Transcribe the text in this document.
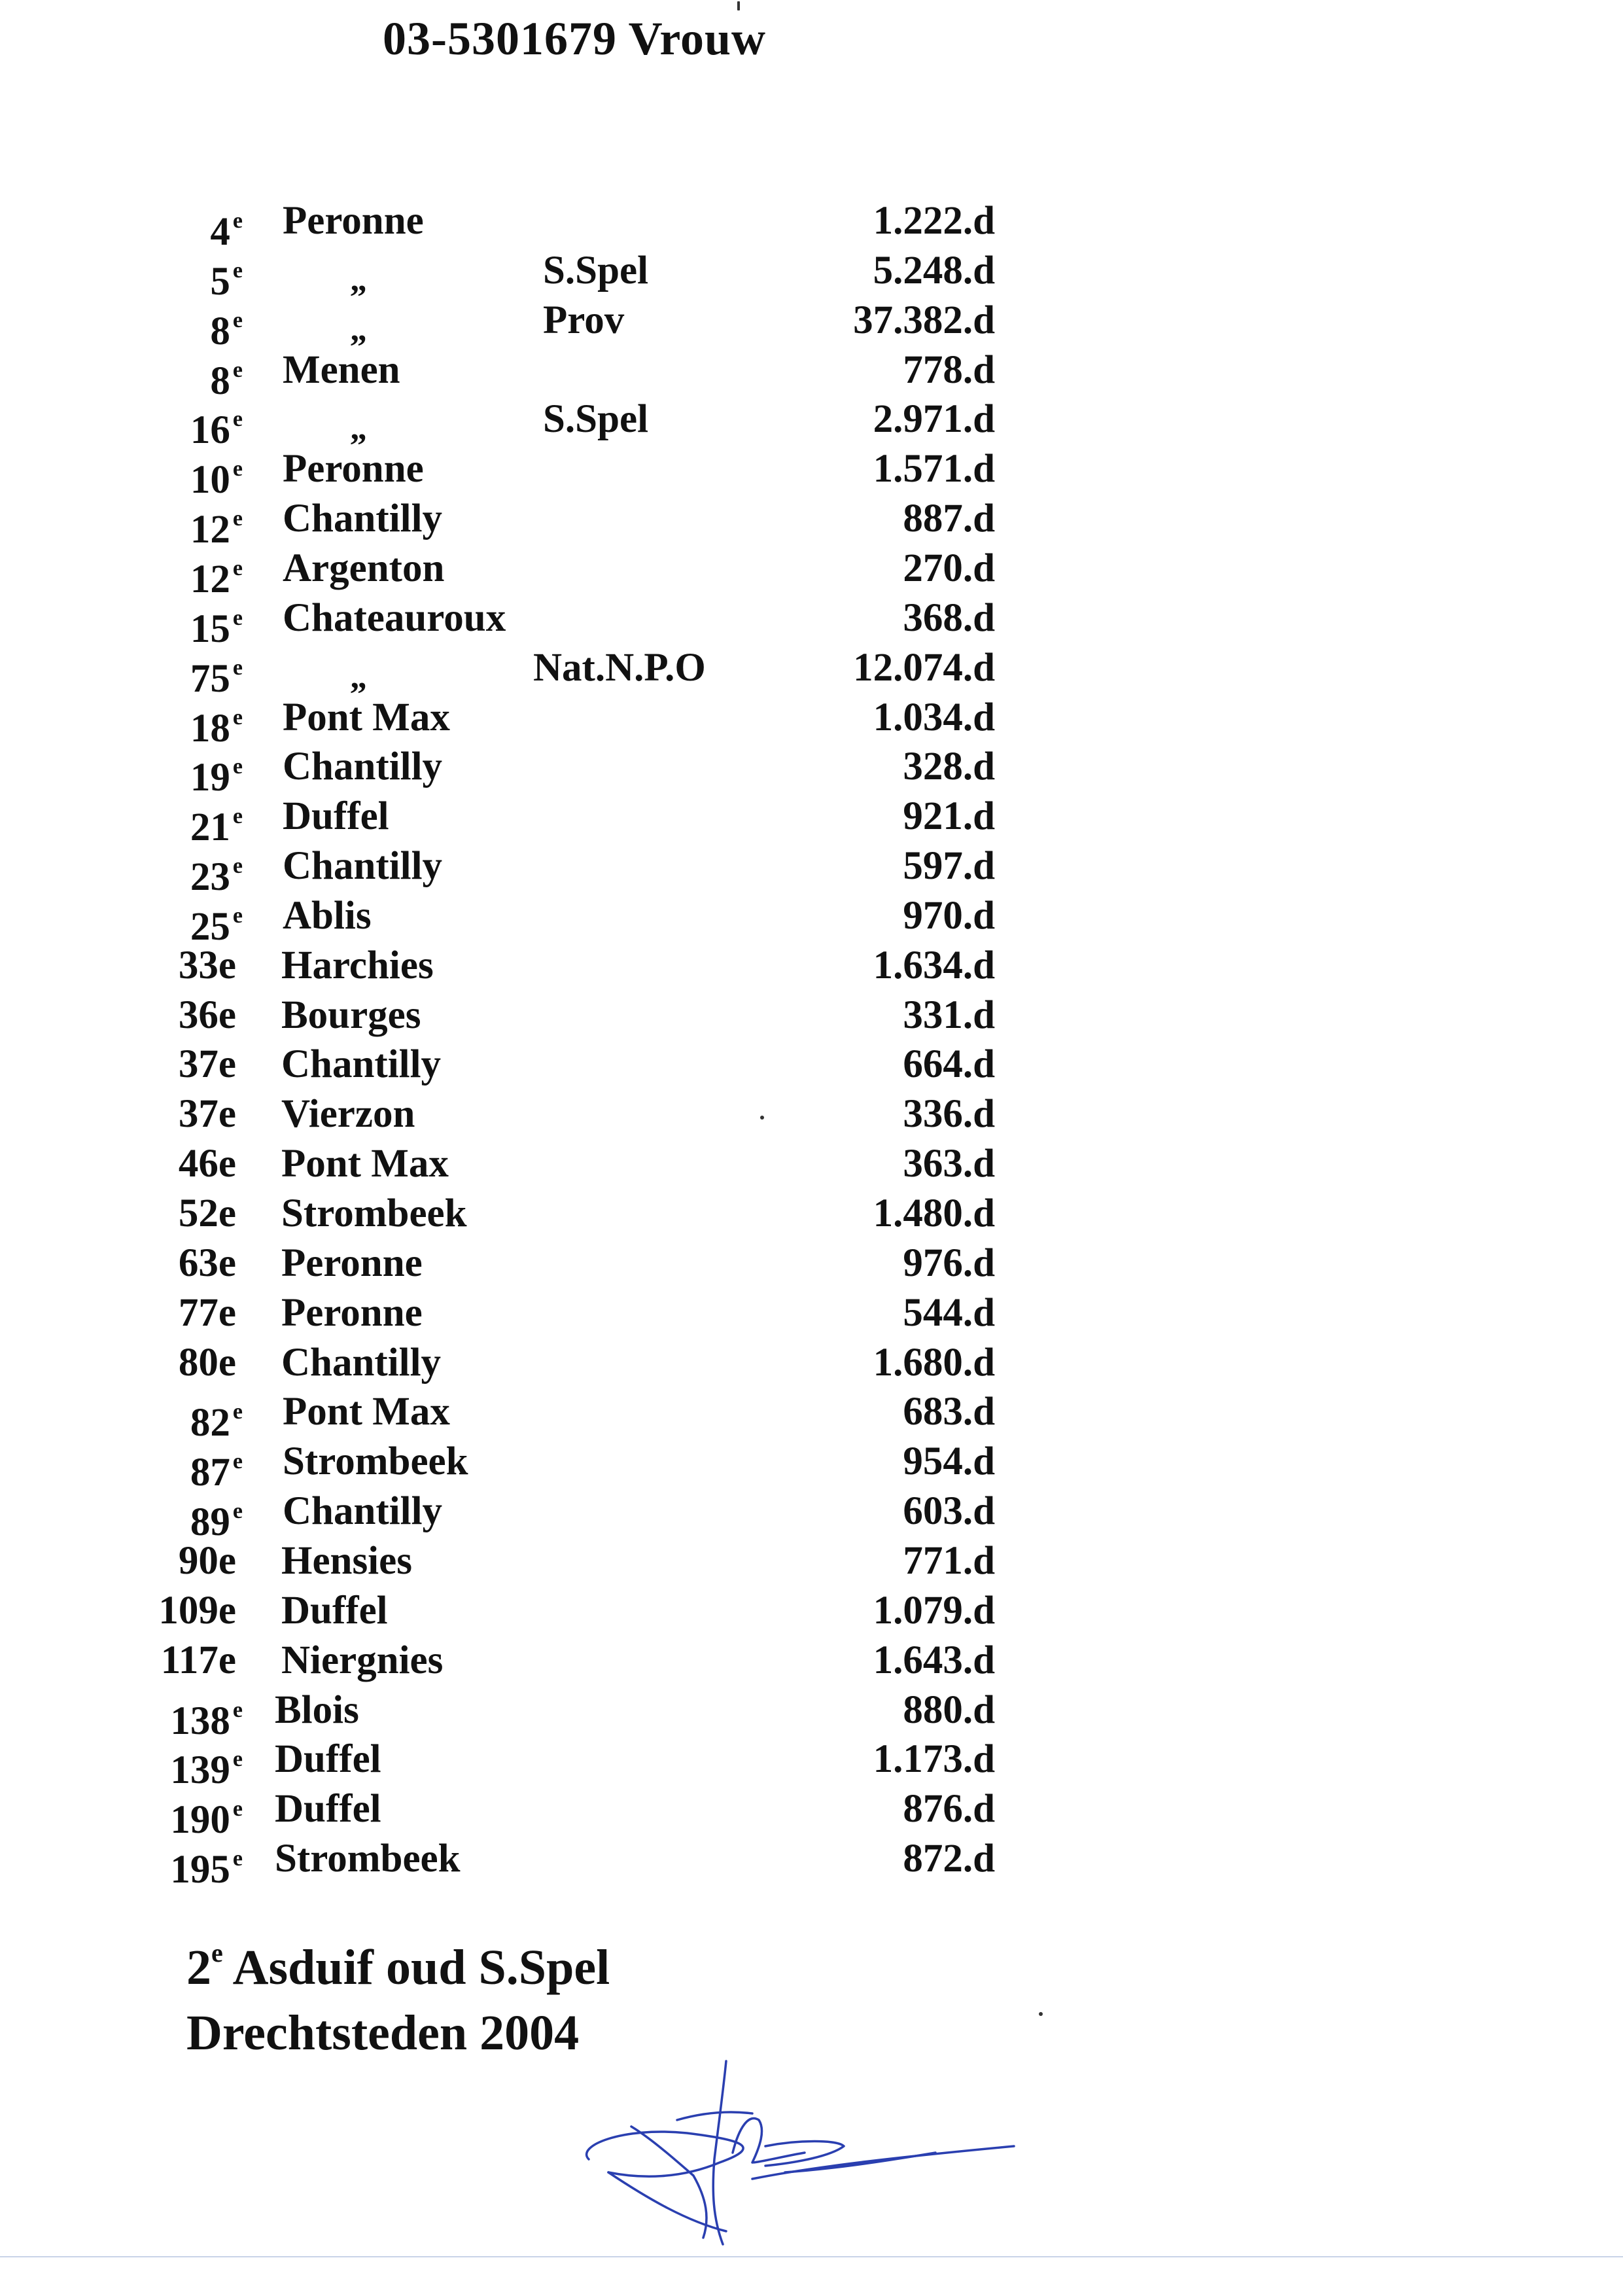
03-5301679 Vrouw
4 $^e$ Peronne	1.222.d
5 $^e$	„	S.Spel	5.248.d
8 $^e$	„	Prov	37.382.d
8 $^e$ Menen	778.d
16 $^e$	„	S.Spel	2.971.d
10 $^e$ Peronne	1.571.d
12 $^e$ Chantilly	887.d
12 $^e$ Argenton	270.d
15 $^e$ Chateauroux	368.d
75 $^e$	„	Nat.N.P.O	12.074.d
18 $^e$ Pont Max	1.034.d
19 $^e$ Chantilly	328.d
21 $^e$ Duffel	921.d
23 $^e$ Chantilly	597.d
25 $^e$ Ablis	970.d
33e Harchies	1.634.d
36e Bourges	331.d
37e Chantilly	664.d
37e Vierzon	336.d
46e Pont Max	363.d
52e Strombeek	1.480.d
63e Peronne	976.d
77e Peronne	544.d
80e Chantilly	1.680.d
82 $^e$ Pont Max	683.d
87 $^e$ Strombeek	954.d
89 $^e$ Chantilly	603.d
90e Hensies	771.d
109e Duffel	1.079.d
117e Niergnies	1.643.d
138 $^e$ Blois	880.d
139 $^e$ Duffel	1.173.d
190 $^e$ Duffel	876.d
195 $^e$ Strombeek	872.d
2e Asduif oud S.Spel
Drechtsteden 2004
